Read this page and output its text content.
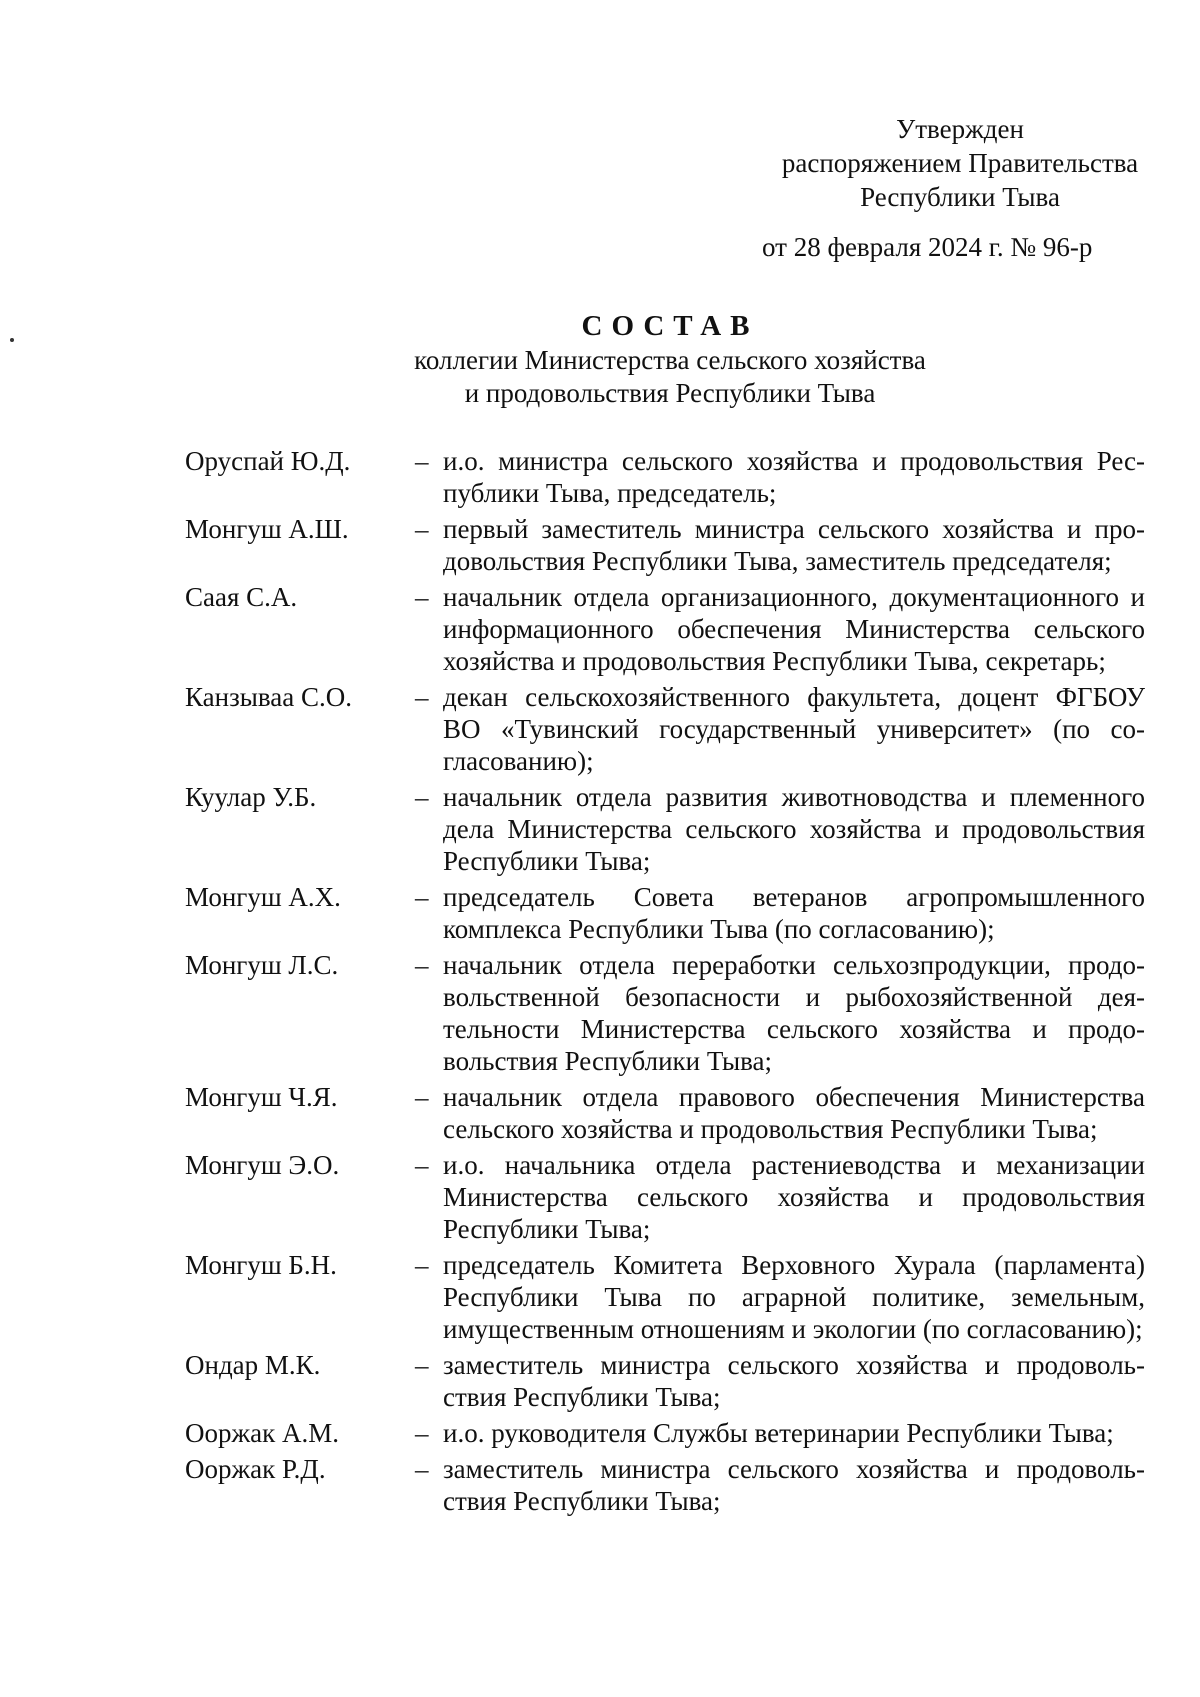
Утвержден
распоряжением Правительства
Республики Тыва
от 28 февраля 2024 г. № 96-р
СОСТАВ
коллегии Министерства сельского хозяйства
и продовольствия Республики Тыва
Оруспай Ю.Д.	– и.о. министра сельского хозяйства и продовольствия Республики Тыва, председатель;
Монгуш А.Ш.	– первый заместитель министра сельского хозяйства и продовольствия Республики Тыва, заместитель председателя;
Саая С.А.	– начальник отдела организационного, документационного и информационного обеспечения Министерства сельского хозяйства и продовольствия Республики Тыва, секретарь;
Канзываа С.О.	– декан сельскохозяйственного факультета, доцент ФГБОУ ВО «Тувинский государственный университет» (по согласованию);
Куулар У.Б.	– начальник отдела развития животноводства и племенного дела Министерства сельского хозяйства и продовольствия Республики Тыва;
Монгуш А.Х.	– председатель Совета ветеранов агропромышленного комплекса Республики Тыва (по согласованию);
Монгуш Л.С.	– начальник отдела переработки сельхозпродукции, продовольственной безопасности и рыбохозяйственной деятельности Министерства сельского хозяйства и продовольствия Республики Тыва;
Монгуш Ч.Я.	– начальник отдела правового обеспечения Министерства сельского хозяйства и продовольствия Республики Тыва;
Монгуш Э.О.	– и.о. начальника отдела растениеводства и механизации Министерства сельского хозяйства и продовольствия Республики Тыва;
Монгуш Б.Н.	– председатель Комитета Верховного Хурала (парламента) Республики Тыва по аграрной политике, земельным, имущественным отношениям и экологии (по согласованию);
Ондар М.К.	– заместитель министра сельского хозяйства и продовольствия Республики Тыва;
Ооржак А.М.	– и.о. руководителя Службы ветеринарии Республики Тыва;
Ооржак Р.Д.	– заместитель министра сельского хозяйства и продовольствия Республики Тыва;
